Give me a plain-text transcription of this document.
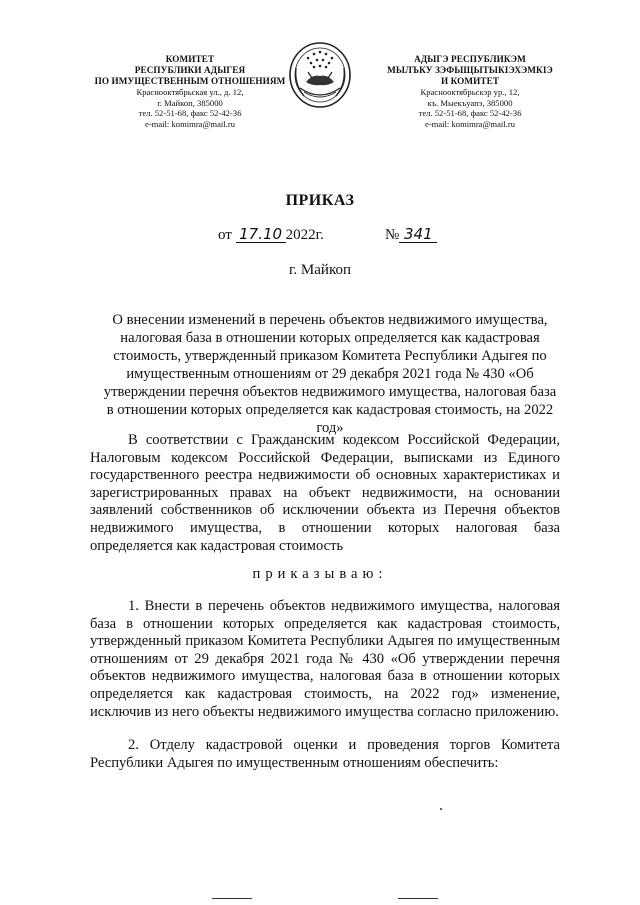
КОМИТЕТ
РЕСПУБЛИКИ АДЫГЕЯ
ПО ИМУЩЕСТВЕННЫМ ОТНОШЕНИЯМ
Краснооктябрьская ул., д. 12,
г. Майкоп, 385000
тел. 52-51-68, факс 52-42-36
e-mail: komimra@mail.ru
АДЫГЭ РЕСПУБЛИКЭМ
МЫЛЪКУ ЗЭФЫЩЫТЫКIЭХЭМКIЭ
И КОМИТЕТ
Краснооктябрьскэр ур., 12,
къ. Мыекъуапэ, 385000
тел. 52-51-68, факс 52-42-36
e-mail: komimra@mail.ru
ПРИКАЗ
от 17.10 2022г.	№ 341
г. Майкоп
О внесении изменений в перечень объектов недвижимого имущества, налоговая база в отношении которых определяется как кадастровая стоимость, утвержденный приказом Комитета Республики Адыгея по имущественным отношениям от 29 декабря 2021 года № 430 «Об утверждении перечня объектов недвижимого имущества, налоговая база в отношении которых определяется как кадастровая стоимость, на 2022 год»

В соответствии с Гражданским кодексом Российской Федерации, Налоговым кодексом Российской Федерации, выписками из Единого государственного реестра недвижимости об основных характеристиках и зарегистрированных правах на объект недвижимости, на основании заявлений собственников об исключении объекта из Перечня объектов недвижимого имущества, в отношении которых налоговая база определяется как кадастровая стоимость

приказываю:

1. Внести в перечень объектов недвижимого имущества, налоговая база в отношении которых определяется как кадастровая стоимость, утвержденный приказом Комитета Республики Адыгея по имущественным отношениям от 29 декабря 2021 года № 430 «Об утверждении перечня объектов недвижимого имущества, налоговая база в отношении которых определяется как кадастровая стоимость, на 2022 год» изменение, исключив из него объекты недвижимого имущества согласно приложению.

2. Отделу кадастровой оценки и проведения торгов Комитета Республики Адыгея по имущественным отношениям обеспечить:
